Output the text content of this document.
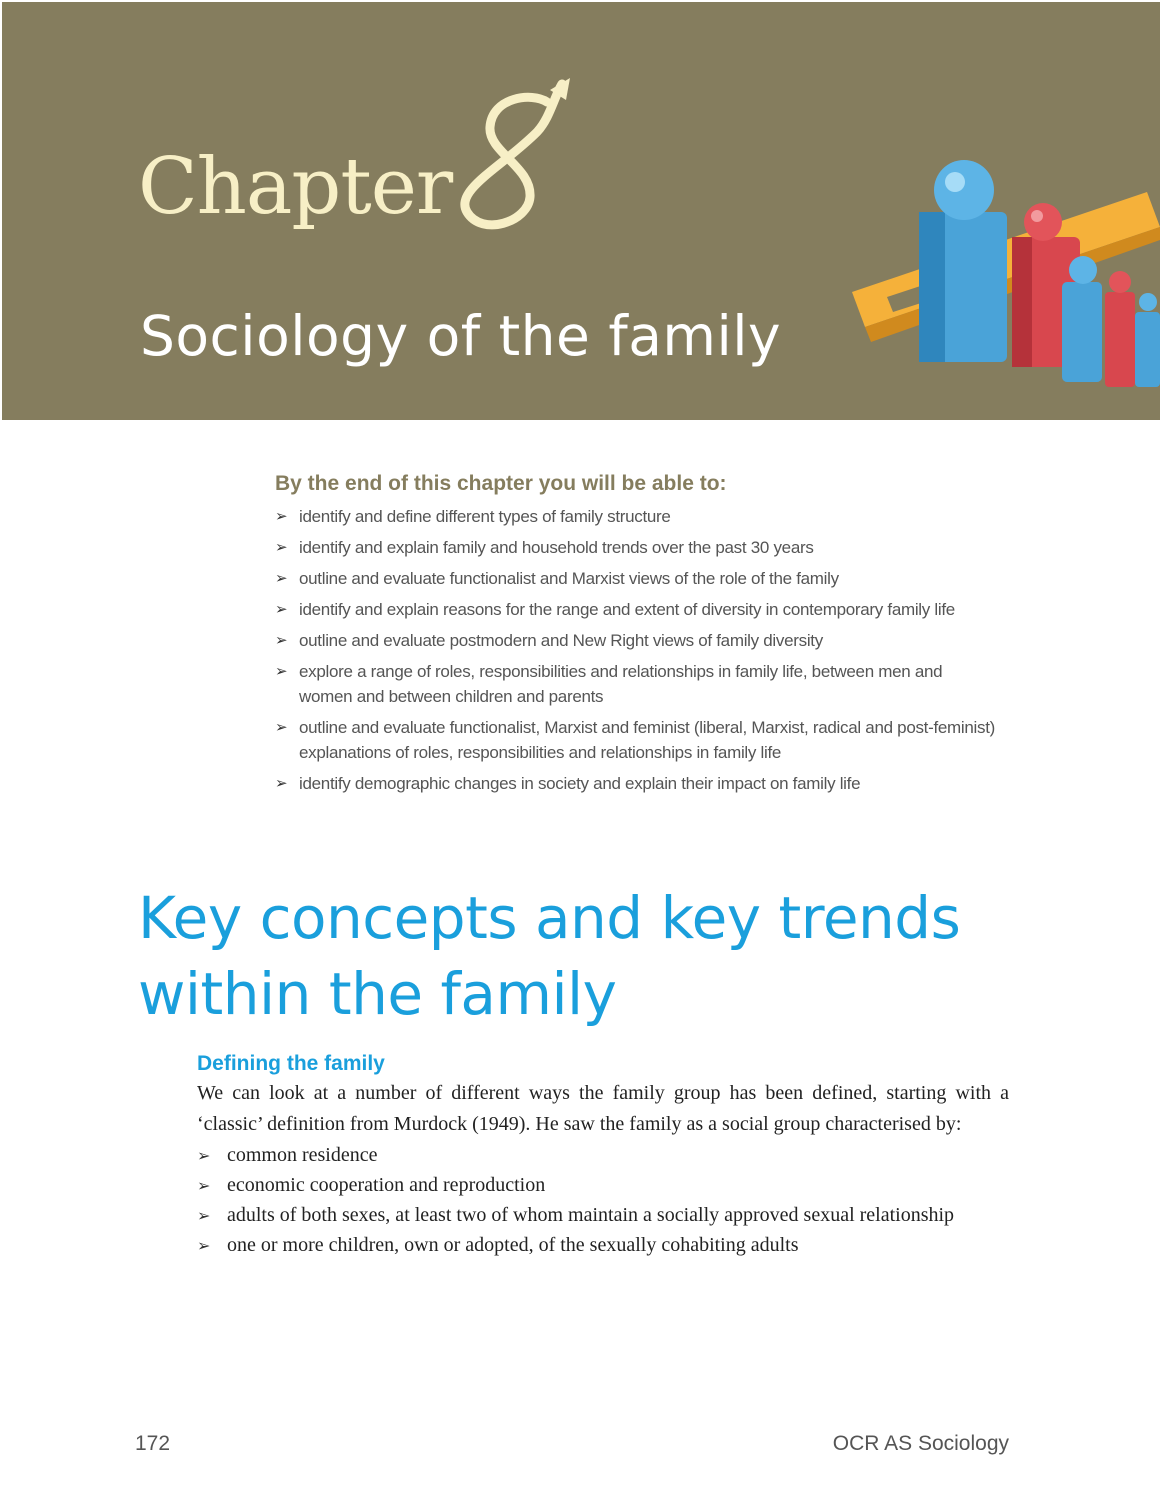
Chapter
8
Sociology of the family
By the end of this chapter you will be able to:
➢ identify and define different types of family structure
➢ identify and explain family and household trends over the past 30 years
➢ outline and evaluate functionalist and Marxist views of the role of the family
➢ identify and explain reasons for the range and extent of diversity in contemporary family life
➢ outline and evaluate postmodern and New Right views of family diversity
➢ explore a range of roles, responsibilities and relationships in family life, between men and women and between children and parents
➢ outline and evaluate functionalist, Marxist and feminist (liberal, Marxist, radical and post-feminist) explanations of roles, responsibilities and relationships in family life
➢ identify demographic changes in society and explain their impact on family life
Key concepts and key trends within the family
Defining the family

We can look at a number of different ways the family group has been defined, starting with a ‘classic’ definition from Murdock (1949). He saw the family as a social group characterised by:

➢ common residence
➢ economic cooperation and reproduction
➢ adults of both sexes, at least two of whom maintain a socially approved sexual relationship
➢ one or more children, own or adopted, of the sexually cohabiting adults
172	OCR AS Sociology
